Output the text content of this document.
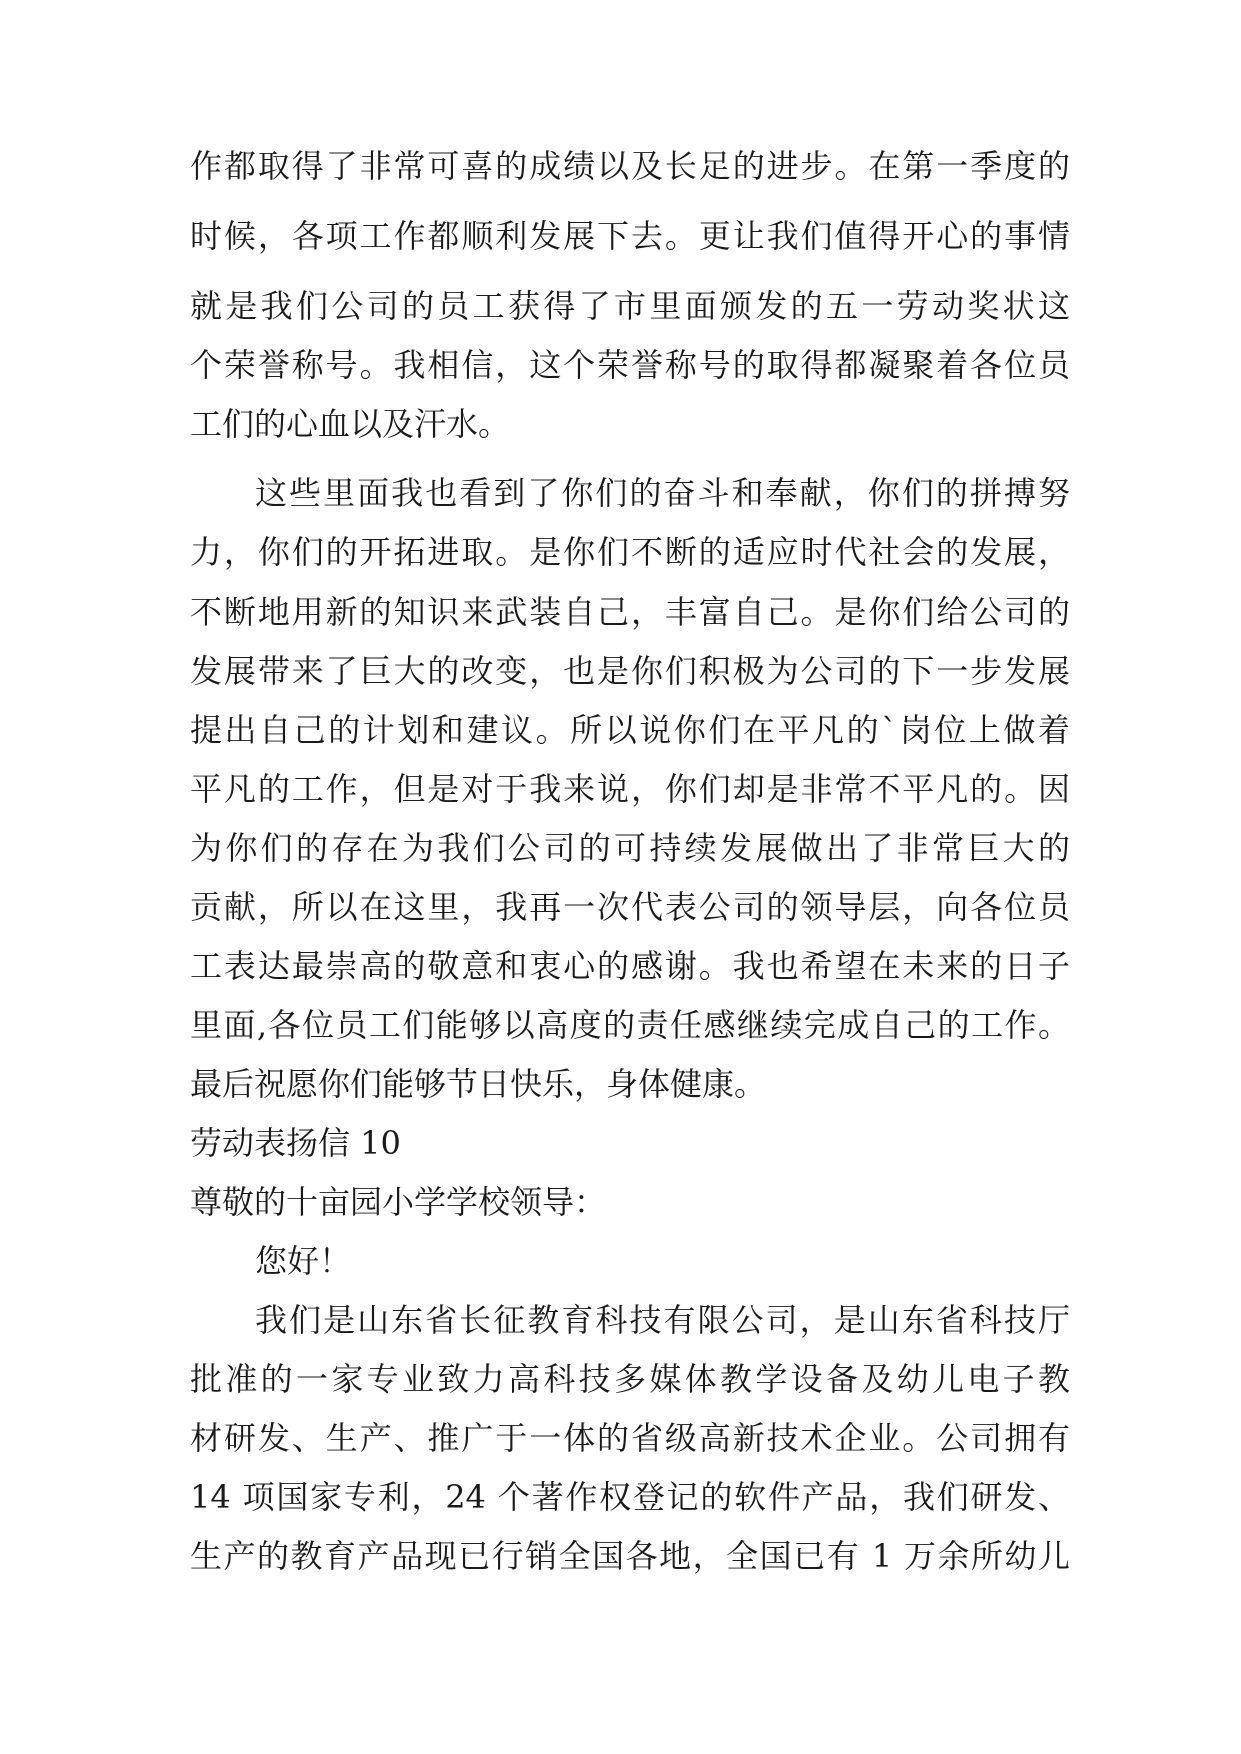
作都取得了非常可喜的成绩以及长足的进步。在第一季度的
时候，各项工作都顺利发展下去。更让我们值得开心的事情
就是我们公司的员工获得了市里面颁发的五一劳动奖状这
个荣誉称号。我相信，这个荣誉称号的取得都凝聚着各位员
工们的心血以及汗水。
这些里面我也看到了你们的奋斗和奉献，你们的拼搏努
力，你们的开拓进取。是你们不断的适应时代社会的发展，
不断地用新的知识来武装自己，丰富自己。是你们给公司的
发展带来了巨大的改变，也是你们积极为公司的下一步发展
提出自己的计划和建议。所以说你们在平凡的`岗位上做着
平凡的工作，但是对于我来说，你们却是非常不平凡的。因
为你们的存在为我们公司的可持续发展做出了非常巨大的
贡献，所以在这里，我再一次代表公司的领导层，向各位员
工表达最崇高的敬意和衷心的感谢。我也希望在未来的日子
里面,各位员工们能够以高度的责任感继续完成自己的工作。
最后祝愿你们能够节日快乐，身体健康。
劳动表扬信 10
尊敬的十亩园小学学校领导：
您好！
我们是山东省长征教育科技有限公司，是山东省科技厅
批准的一家专业致力高科技多媒体教学设备及幼儿电子教
材研发、生产、推广于一体的省级高新技术企业。公司拥有
14 项国家专利，24 个著作权登记的软件产品，我们研发、
生产的教育产品现已行销全国各地，全国已有 1 万余所幼儿
